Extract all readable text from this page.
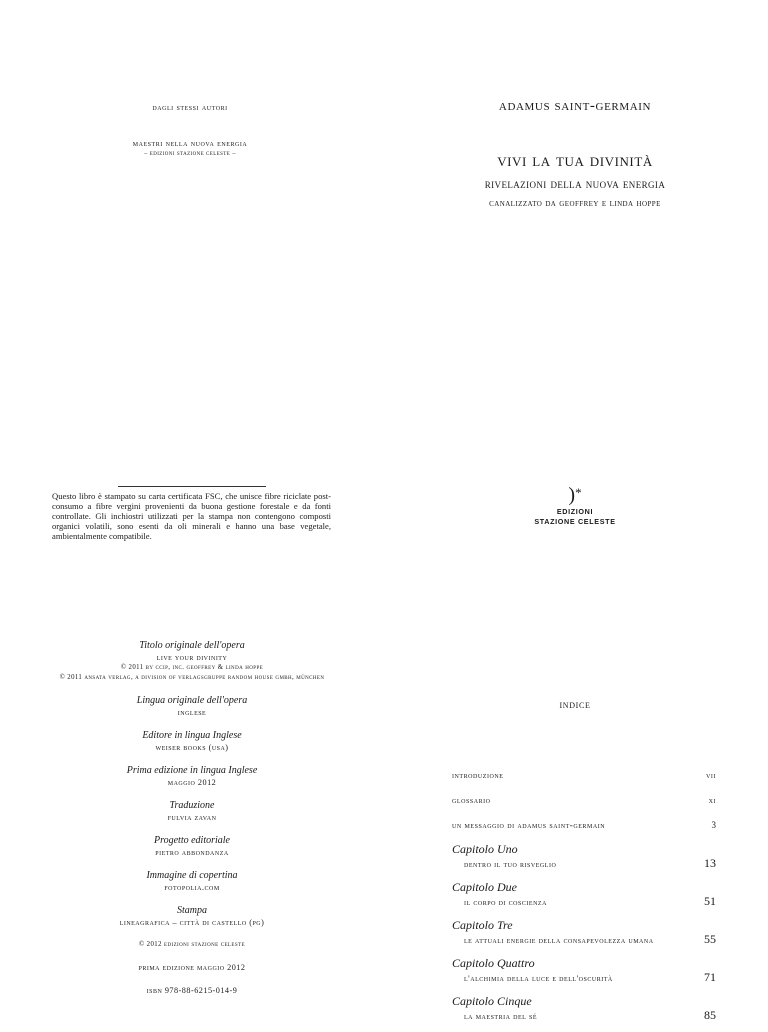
dagli stessi autori

maestri nella nuova energia

– edizioni stazione celeste –

Questo libro è stampato su carta certificata FSC, che unisce fibre riciclate post-consumo a fibre vergini provenienti da buona gestione forestale e da fonti controllate. Gli inchiostri utilizzati per la stampa non contengono composti organici volatili, sono esenti da oli minerali e hanno una base vegetale, ambientalmente compatibile.
adamus saint-germain
vivi la tua divinità
rivelazioni della nuova energia
canalizzato da geoffrey e linda hoppe
)*
EDIZIONI
STAZIONE CELESTE
Titolo originale dell'opera
live your divinity
© 2011 by ccip, inc. geoffrey & linda hoppe
© 2011 ansata verlag, a division of verlagsgruppe random house gmbh, münchen
Lingua originale dell'opera
inglese
Editore in lingua Inglese
weiser books (usa)
Prima edizione in lingua Inglese
maggio 2012
Traduzione
fulvia zavan
Progetto editoriale
pietro abbondanza
Immagine di copertina
fotopolia.com
Stampa
lineagrafica – città di castello (pg)
© 2012 edizioni stazione celeste
prima edizione maggio 2012
isbn 978-88-6215-014-9
indice
introduzione	vii
glossario	xi
un messaggio di adamus saint-germain	3
Capitolo Uno
dentro il tuo risveglio	13
Capitolo Due
il corpo di coscienza	51
Capitolo Tre
le attuali energie della consapevolezza umana	55
Capitolo Quattro
l'alchimia della luce e dell'oscurità	71
Capitolo Cinque
la maestria del sé	85
